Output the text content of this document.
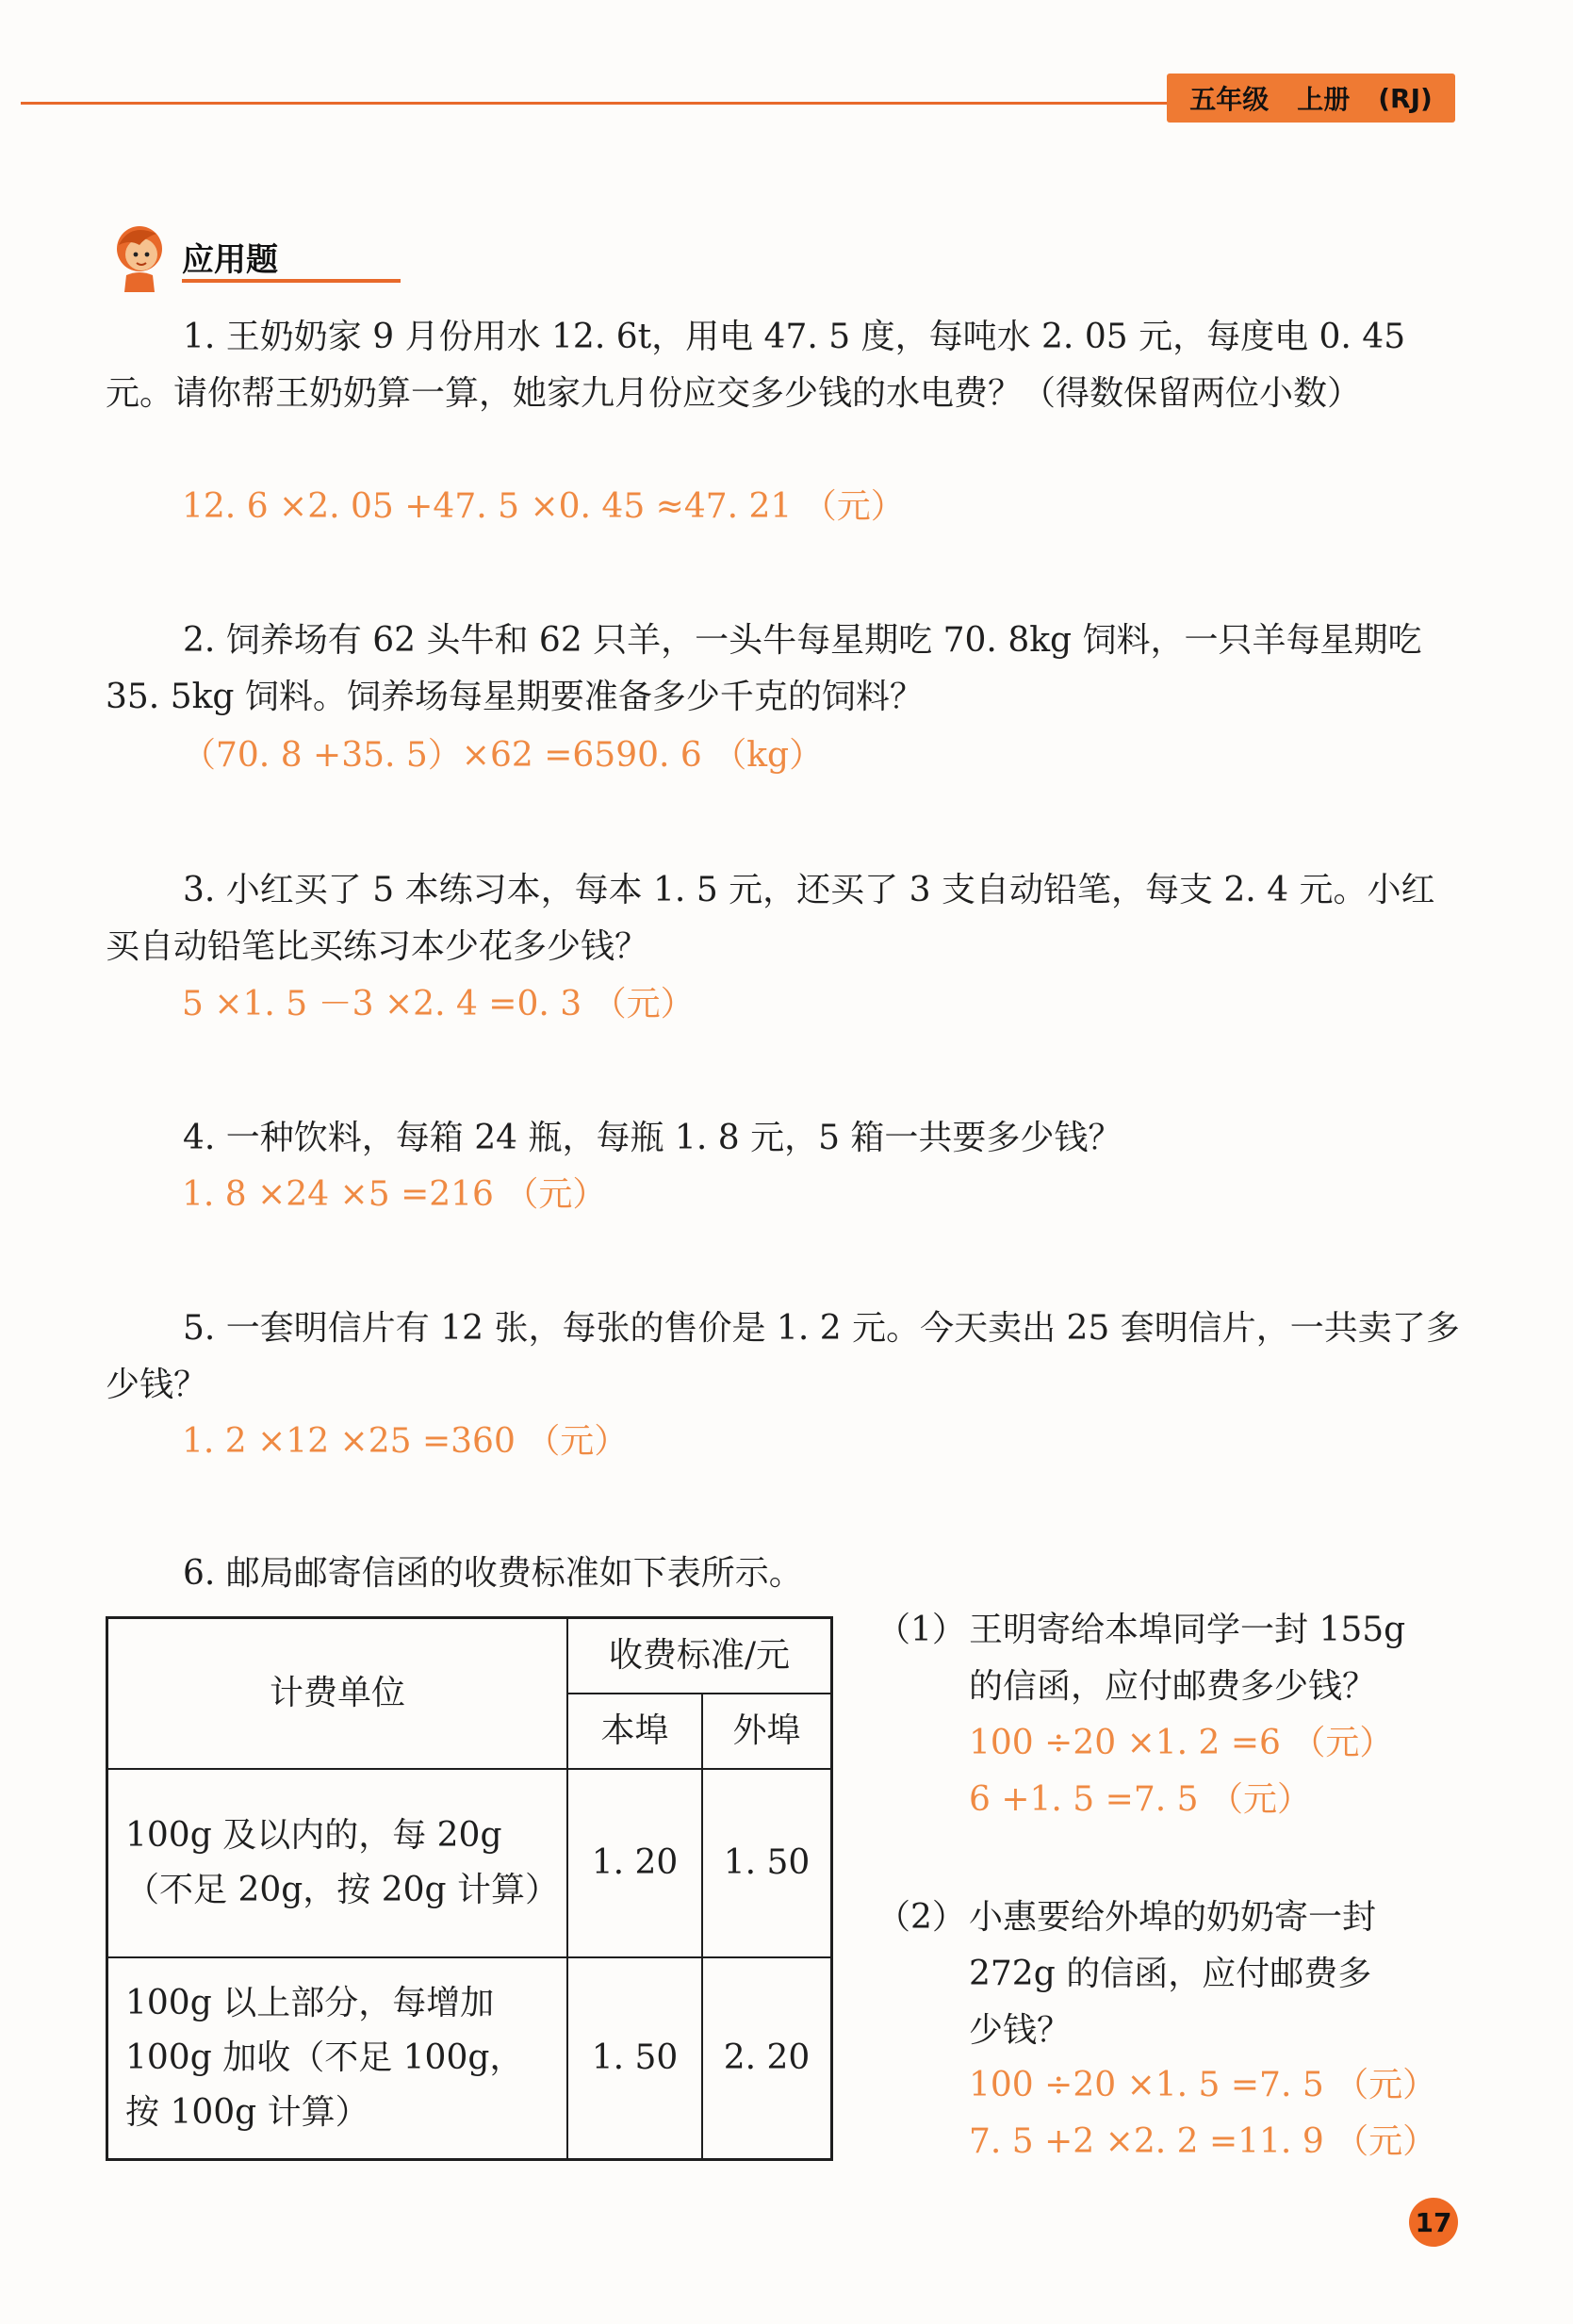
五年级 上册 (RJ)
应用题
1. 王奶奶家 9 月份用水 12. 6t，用电 47. 5 度，每吨水 2. 05 元，每度电 0. 45 元。请你帮王奶奶算一算，她家九月份应交多少钱的水电费？（得数保留两位小数）
12. 6 ×2. 05 +47. 5 ×0. 45 ≈47. 21 （元）
2. 饲养场有 62 头牛和 62 只羊，一头牛每星期吃 70. 8kg 饲料，一只羊每星期吃 35. 5kg 饲料。饲养场每星期要准备多少千克的饲料？
（70. 8 +35. 5）×62 =6590. 6 （kg）
3. 小红买了 5 本练习本，每本 1. 5 元，还买了 3 支自动铅笔，每支 2. 4 元。小红买自动铅笔比买练习本少花多少钱？
5 ×1. 5 －3 ×2. 4 =0. 3 （元）
4. 一种饮料，每箱 24 瓶，每瓶 1. 8 元，5 箱一共要多少钱？
1. 8 ×24 ×5 =216 （元）
5. 一套明信片有 12 张，每张的售价是 1. 2 元。今天卖出 25 套明信片，一共卖了多少钱？
1. 2 ×12 ×25 =360 （元）
6. 邮局邮寄信函的收费标准如下表所示。
计费单位	收费标准/元	
	本埠	外埠
100g 及以内的，每 20g（不足 20g，按 20g 计算）	1. 20	1. 50
100g 以上部分，每增加 100g 加收（不足 100g，按 100g 计算）	1. 50	2. 20
（1）王明寄给本埠同学一封 155g
的信函，应付邮费多少钱？
100 ÷20 ×1. 2 =6 （元）
6 +1. 5 =7. 5 （元）
（2）小惠要给外埠的奶奶寄一封
272g 的信函，应付邮费多
少钱？
100 ÷20 ×1. 5 =7. 5 （元）
7. 5 +2 ×2. 2 =11. 9 （元）
17
